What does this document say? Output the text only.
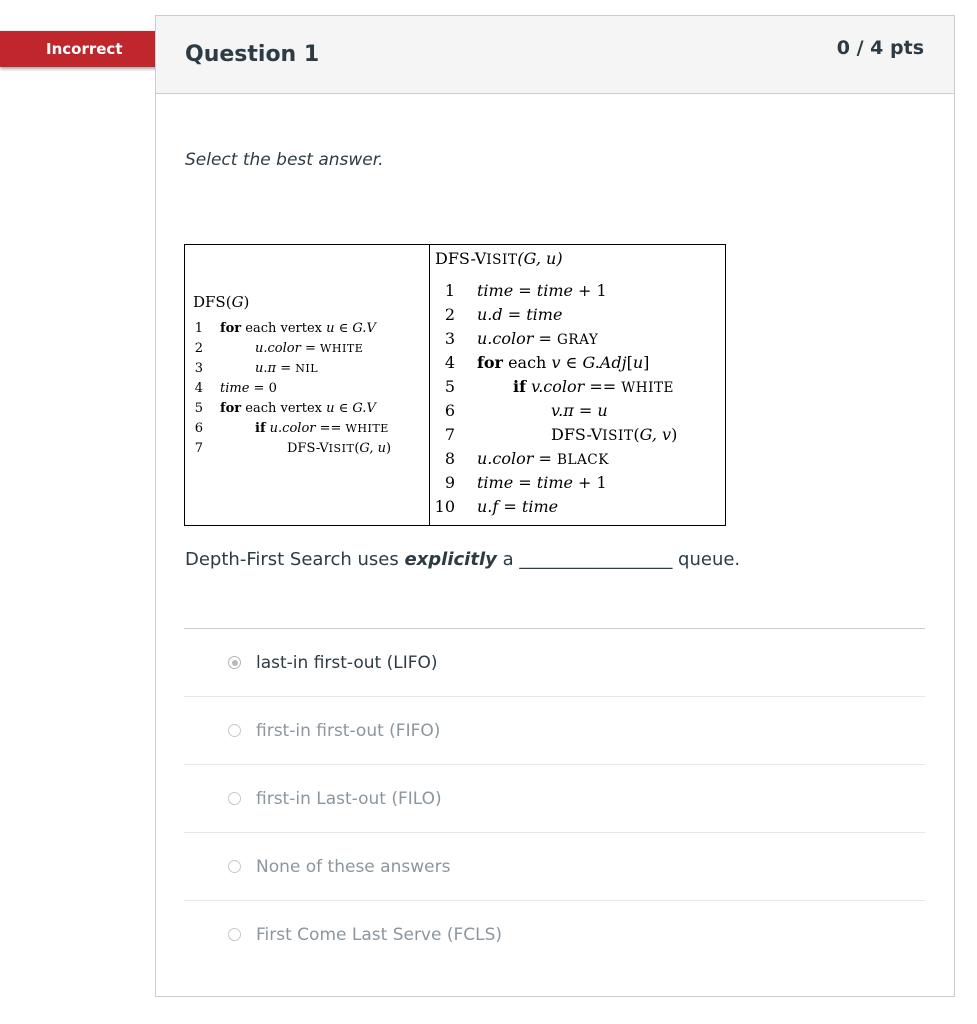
Incorrect	Question 1	0 / 4 pts
Select the best answer.
DFS(G)
1 for each vertex u ∈ G.V
2	u.color = WHITE
3	u.π = NIL
4 time = 0
5 for each vertex u ∈ G.V
6	if u.color == WHITE
7	DFS-VISIT(G, u)
DFS-VISIT(G, u)
1 time = time + 1
2 u.d = time
3 u.color = GRAY
4 for each v ∈ G.Adj[u]
5	if v.color == WHITE
6	v.π = u
7	DFS-VISIT(G, v)
8 u.color = BLACK
9 time = time + 1
10 u.f = time
Depth-First Search uses explicitly a _________________ queue.
last-in first-out (LIFO)
first-in first-out (FIFO)
first-in Last-out (FILO)
None of these answers
First Come Last Serve (FCLS)
